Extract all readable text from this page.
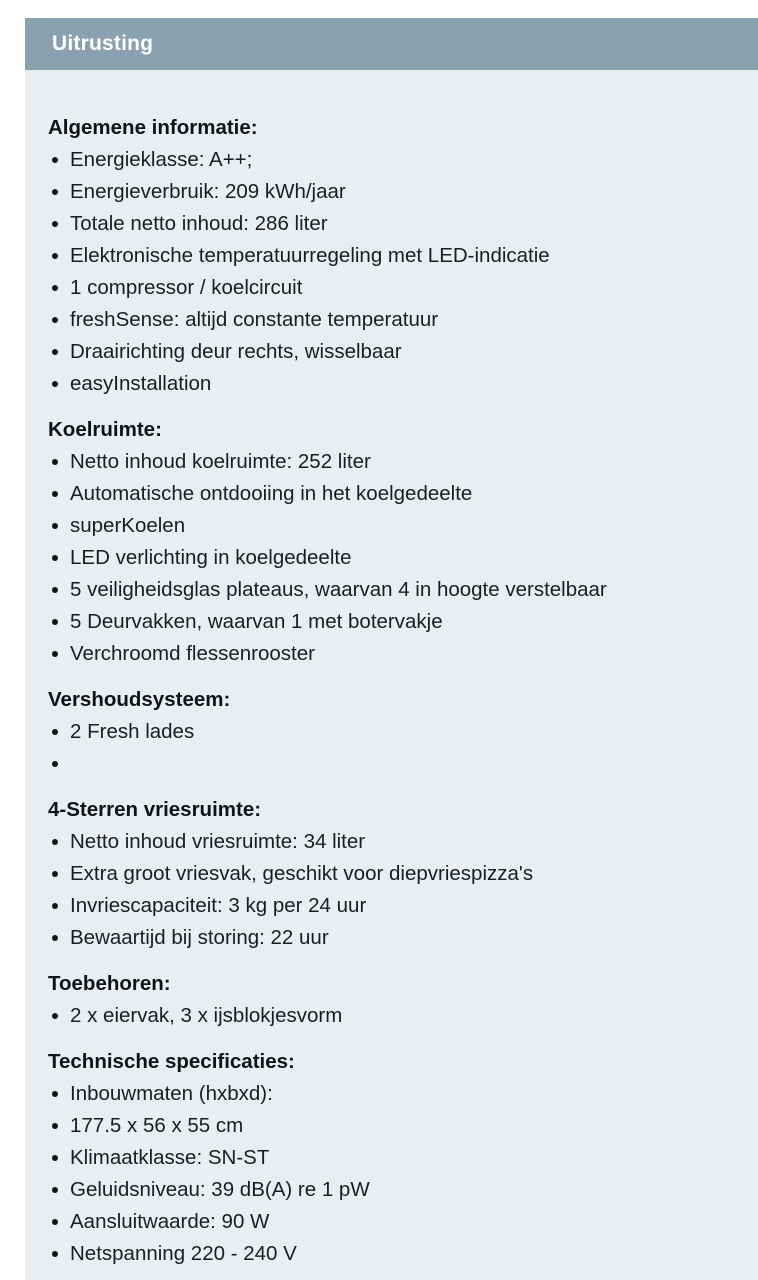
Uitrusting
Algemene informatie:
Energieklasse: A++;
Energieverbruik: 209 kWh/jaar
Totale netto inhoud: 286 liter
Elektronische temperatuurregeling met LED-indicatie
1 compressor / koelcircuit
freshSense: altijd constante temperatuur
Draairichting deur rechts, wisselbaar
easyInstallation
Koelruimte:
Netto inhoud koelruimte: 252 liter
Automatische ontdooiing in het koelgedeelte
superKoelen
LED verlichting in koelgedeelte
5 veiligheidsglas plateaus, waarvan 4 in hoogte verstelbaar
5 Deurvakken, waarvan 1 met botervakje
Verchroomd flessenrooster
Vershoudsysteem:
2 Fresh lades
4-Sterren vriesruimte:
Netto inhoud vriesruimte: 34 liter
Extra groot vriesvak, geschikt voor diepvriespizza's
Invriescapaciteit: 3 kg per 24 uur
Bewaartijd bij storing: 22 uur
Toebehoren:
2 x eiervak, 3 x ijsblokjesvorm
Technische specificaties:
Inbouwmaten (hxbxd):
177.5 x 56 x 55 cm
Klimaatklasse: SN-ST
Geluidsniveau: 39 dB(A) re 1 pW
Aansluitwaarde: 90 W
Netspanning 220 - 240 V
